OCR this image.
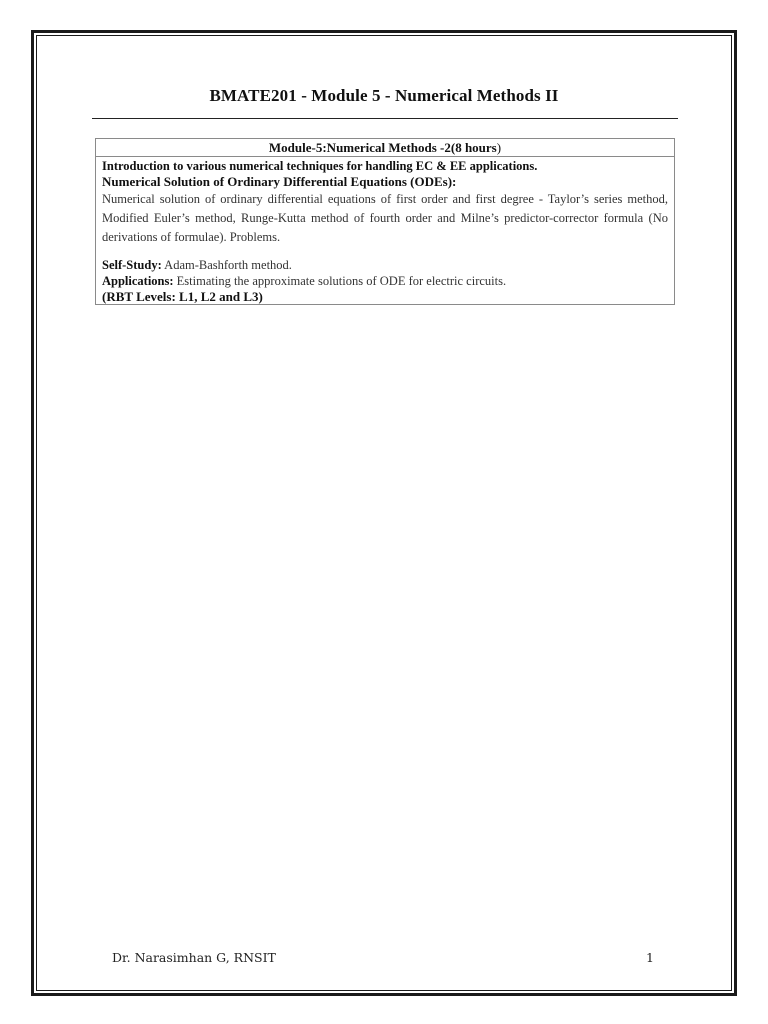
BMATE201 - Module 5 - Numerical Methods II
Module-5:Numerical Methods -2(8 hours)
Introduction to various numerical techniques for handling EC & EE applications.
Numerical Solution of Ordinary Differential Equations (ODEs):
Numerical solution of ordinary differential equations of first order and first degree - Taylor’s series method, Modified Euler’s method, Runge-Kutta method of fourth order and Milne’s predictor-corrector formula (No derivations of formulae). Problems.
Self-Study: Adam-Bashforth method.
Applications: Estimating the approximate solutions of ODE for electric circuits.
(RBT Levels: L1, L2 and L3)
Dr. Narasimhan G, RNSIT	1
